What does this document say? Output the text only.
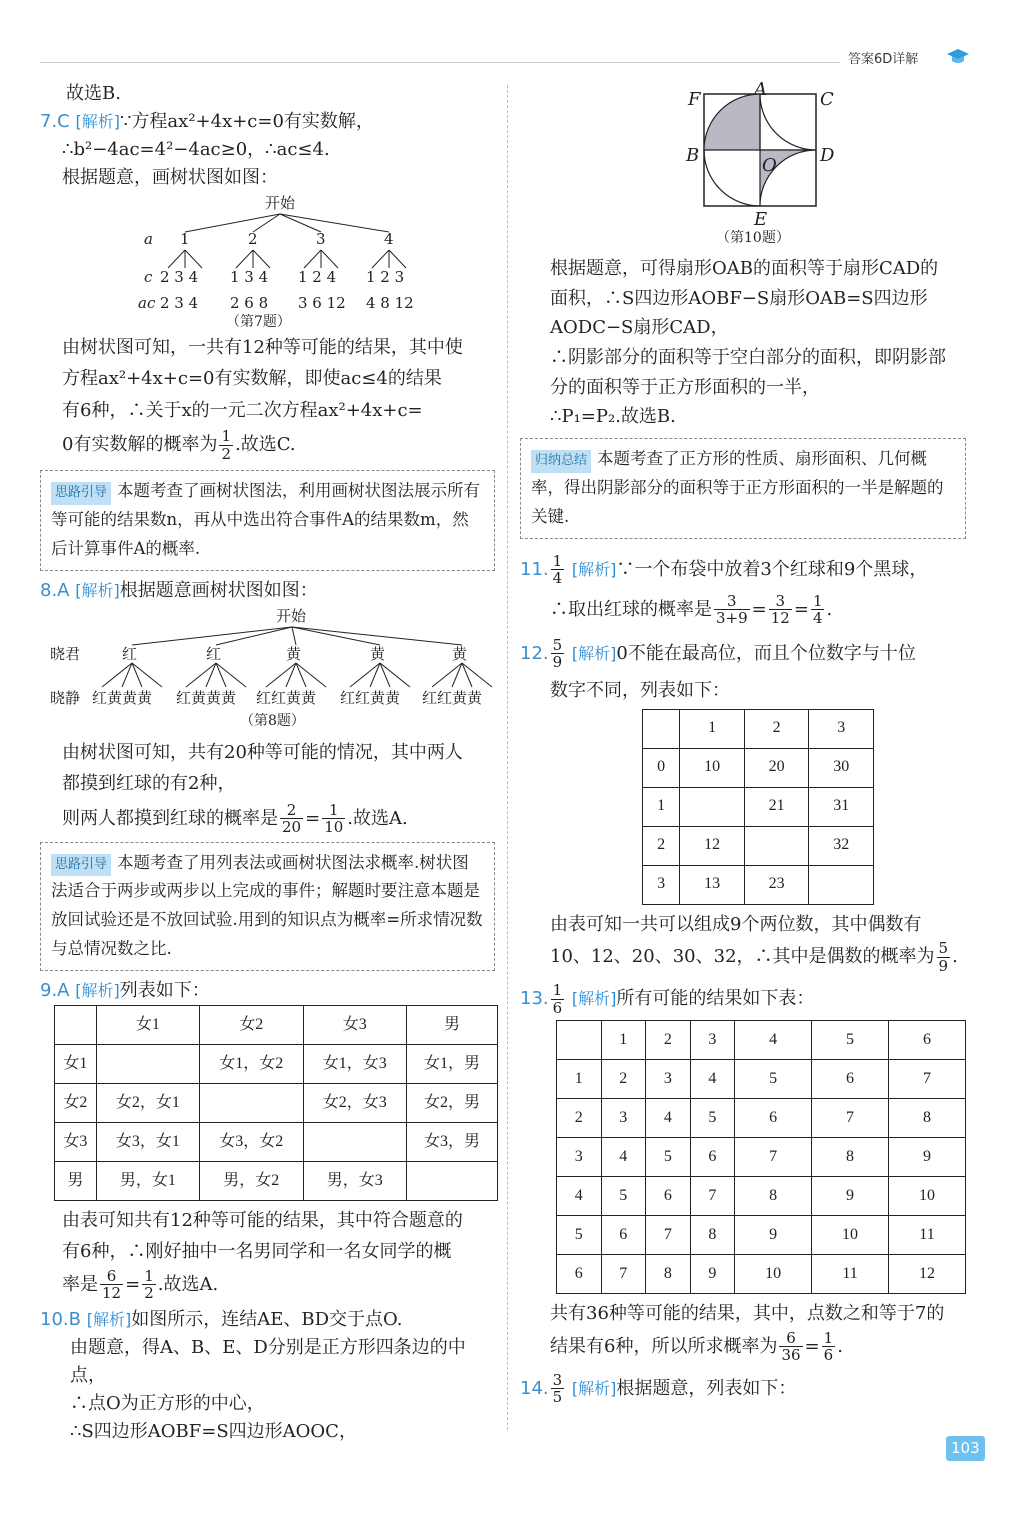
答案6D详解

故选B.

7.C [解析]∵方程ax²+4x+c=0有实数解，

∴b²−4ac=4²−4ac≥0，∴ac≤4.

根据题意，画树状图如图：

开始
a 1	2	3	4
c 2 3 4 1 3 4 1 2 4 1 2 3
ac 2 3 4 2 6 8 3 6 12 4 8 12
（第7题）

由树状图可知，一共有12种等可能的结果，其中使

方程ax²+4x+c=0有实数解，即使ac≤4的结果

有6种，∴关于x的一元二次方程ax²+4x+c=

0有实数解的概率为 $\frac{1}{2}$ .故选C.

思路引导 本题考查了画树状图法，利用画树状图法展示所有等可能的结果数n，再从中选出符合事件A的结果数m，然后计算事件A的概率.

8.A [解析]根据题意画树状图如图：

开始
晓君	红	红	黄	黄	黄
晓静 红黄黄黄 红黄黄黄 红红黄黄 红红黄黄 红红黄黄
（第8题）

由树状图可知，共有20种等可能的情况，其中两人

都摸到红球的有2种，

则两人都摸到红球的概率是 $\frac{2}{20} = \frac{1}{10}$ .故选A.

思路引导 本题考查了用列表法或画树状图法求概率.树状图法适合于两步或两步以上完成的事件；解题时要注意本题是放回试验还是不放回试验.用到的知识点为概率=所求情况数与总情况数之比.

9.A [解析]列表如下：

	女1	女2	女3	男
女1		女1，女2	女1，女3	女1，男
女2	女2，女1		女2，女3	女2，男
女3	女3，女1	女3，女2		女3，男
男	男，女1	男，女2	男，女3	

由表可知共有12种等可能的结果，其中符合题意的

有6种，∴刚好抽中一名男同学和一名女同学的概

率是 $\frac{6}{12} = \frac{1}{2}$ .故选A.

10.B [解析]如图所示，连结AE、BD交于点O.

由题意，得A、B、E、D分别是正方形四条边的中点，

∴点O为正方形的中心，

∴S四边形AOBF=S四边形AOOC，

F	A	C
B	D
O
E
（第10题）

根据题意，可得扇形OAB的面积等于扇形CAD的

面积，∴S四边形AOBF−S扇形OAB=S四边形AODC−S扇形CAD，

∴阴影部分的面积等于空白部分的面积，即阴影部

分的面积等于正方形面积的一半，

∴P₁=P₂.故选B.

归纳总结 本题考查了正方形的性质、扇形面积、几何概率，得出阴影部分的面积等于正方形面积的一半是解题的关键.

11. $\frac{1}{4}$ [解析]∵一个布袋中放着3个红球和9个黑球，

∴取出红球的概率是 $\frac{3}{3+9} = \frac{3}{12} = \frac{1}{4}$ .

12. $\frac{5}{9}$ [解析]0不能在最高位，而且个位数字与十位

数字不同，列表如下：

	1	2	3
0	10	20	30
1		21	31
2	12		32
3	13	23	

由表可知一共可以组成9个两位数，其中偶数有

10、12、20、30、32，∴其中是偶数的概率为 $\frac{5}{9}$ .

13. $\frac{1}{6}$ [解析]所有可能的结果如下表：

	1	2	3	4	5	6
1	2	3	4	5	6	7
2	3	4	5	6	7	8
3	4	5	6	7	8	9
4	5	6	7	8	9	10
5	6	7	8	9	10	11
6	7	8	9	10	11	12

共有36种等可能的结果，其中，点数之和等于7的

结果有6种，所以所求概率为 $\frac{6}{36} = \frac{1}{6}$ .

14. $\frac{3}{5}$ [解析]根据题意，列表如下：

103
